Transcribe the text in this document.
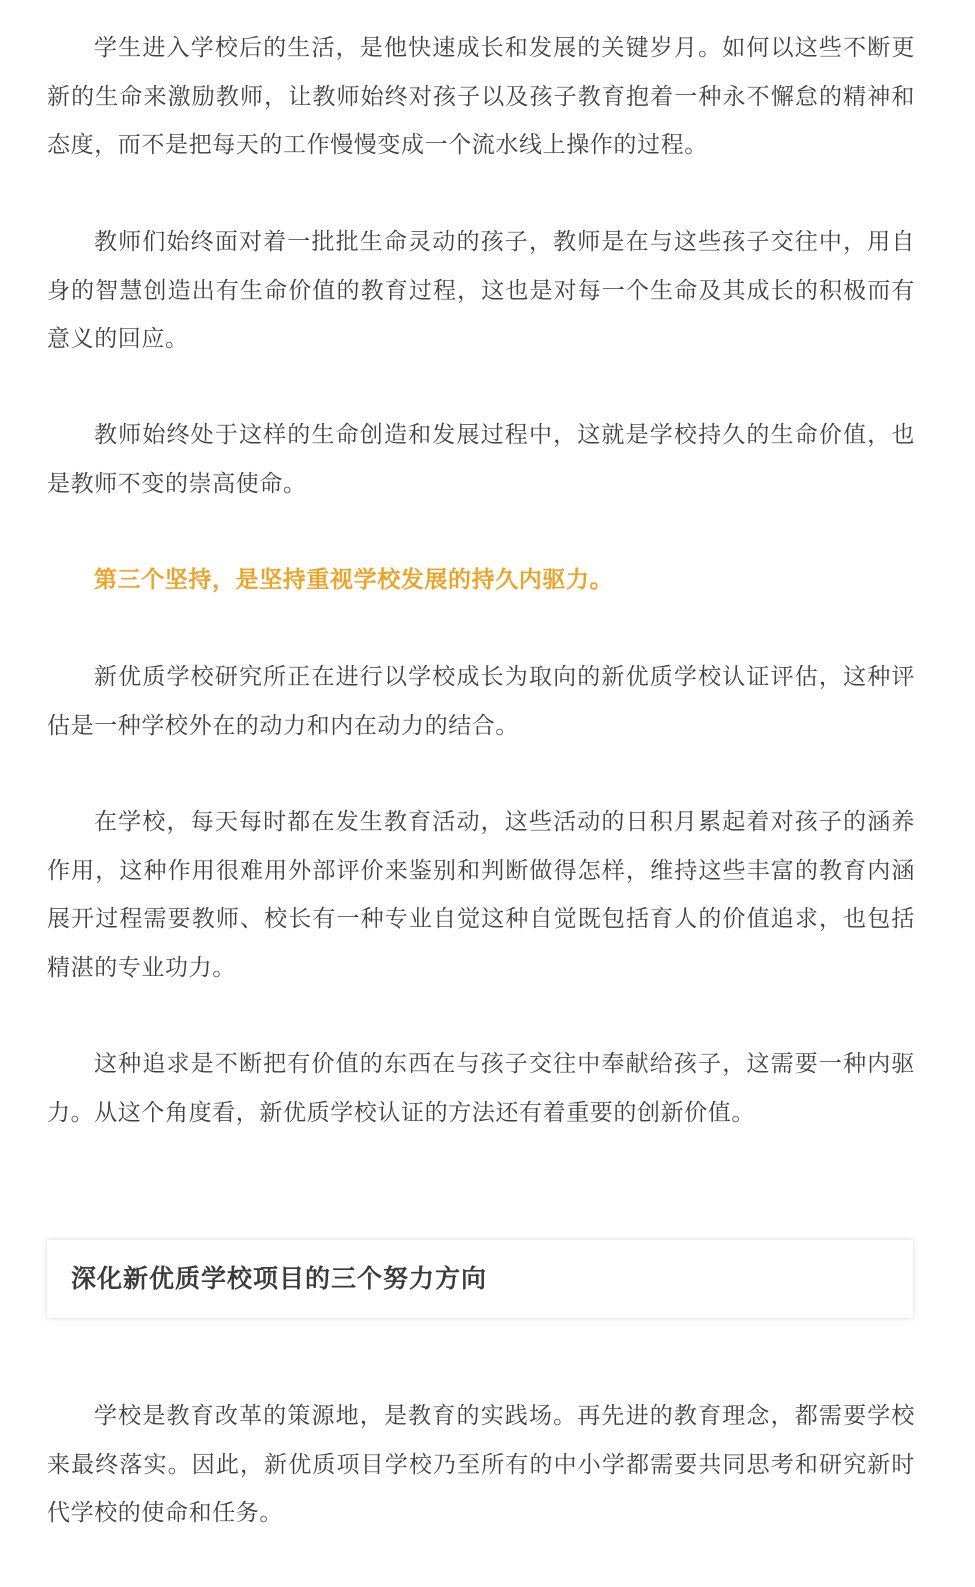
学生进入学校后的生活，是他快速成长和发展的关键岁月。如何以这些不断更新的生命来激励教师，让教师始终对孩子以及孩子教育抱着一种永不懈怠的精神和态度，而不是把每天的工作慢慢变成一个流水线上操作的过程。

教师们始终面对着一批批生命灵动的孩子，教师是在与这些孩子交往中，用自身的智慧创造出有生命价值的教育过程，这也是对每一个生命及其成长的积极而有意义的回应。

教师始终处于这样的生命创造和发展过程中，这就是学校持久的生命价值，也是教师不变的崇高使命。

第三个坚持，是坚持重视学校发展的持久内驱力。

新优质学校研究所正在进行以学校成长为取向的新优质学校认证评估，这种评估是一种学校外在的动力和内在动力的结合。

在学校，每天每时都在发生教育活动，这些活动的日积月累起着对孩子的涵养作用，这种作用很难用外部评价来鉴别和判断做得怎样，维持这些丰富的教育内涵展开过程需要教师、校长有一种专业自觉这种自觉既包括育人的价值追求，也包括精湛的专业功力。

这种追求是不断把有价值的东西在与孩子交往中奉献给孩子，这需要一种内驱力。从这个角度看，新优质学校认证的方法还有着重要的创新价值。

深化新优质学校项目的三个努力方向

学校是教育改革的策源地，是教育的实践场。再先进的教育理念，都需要学校来最终落实。因此，新优质项目学校乃至所有的中小学都需要共同思考和研究新时代学校的使命和任务。
